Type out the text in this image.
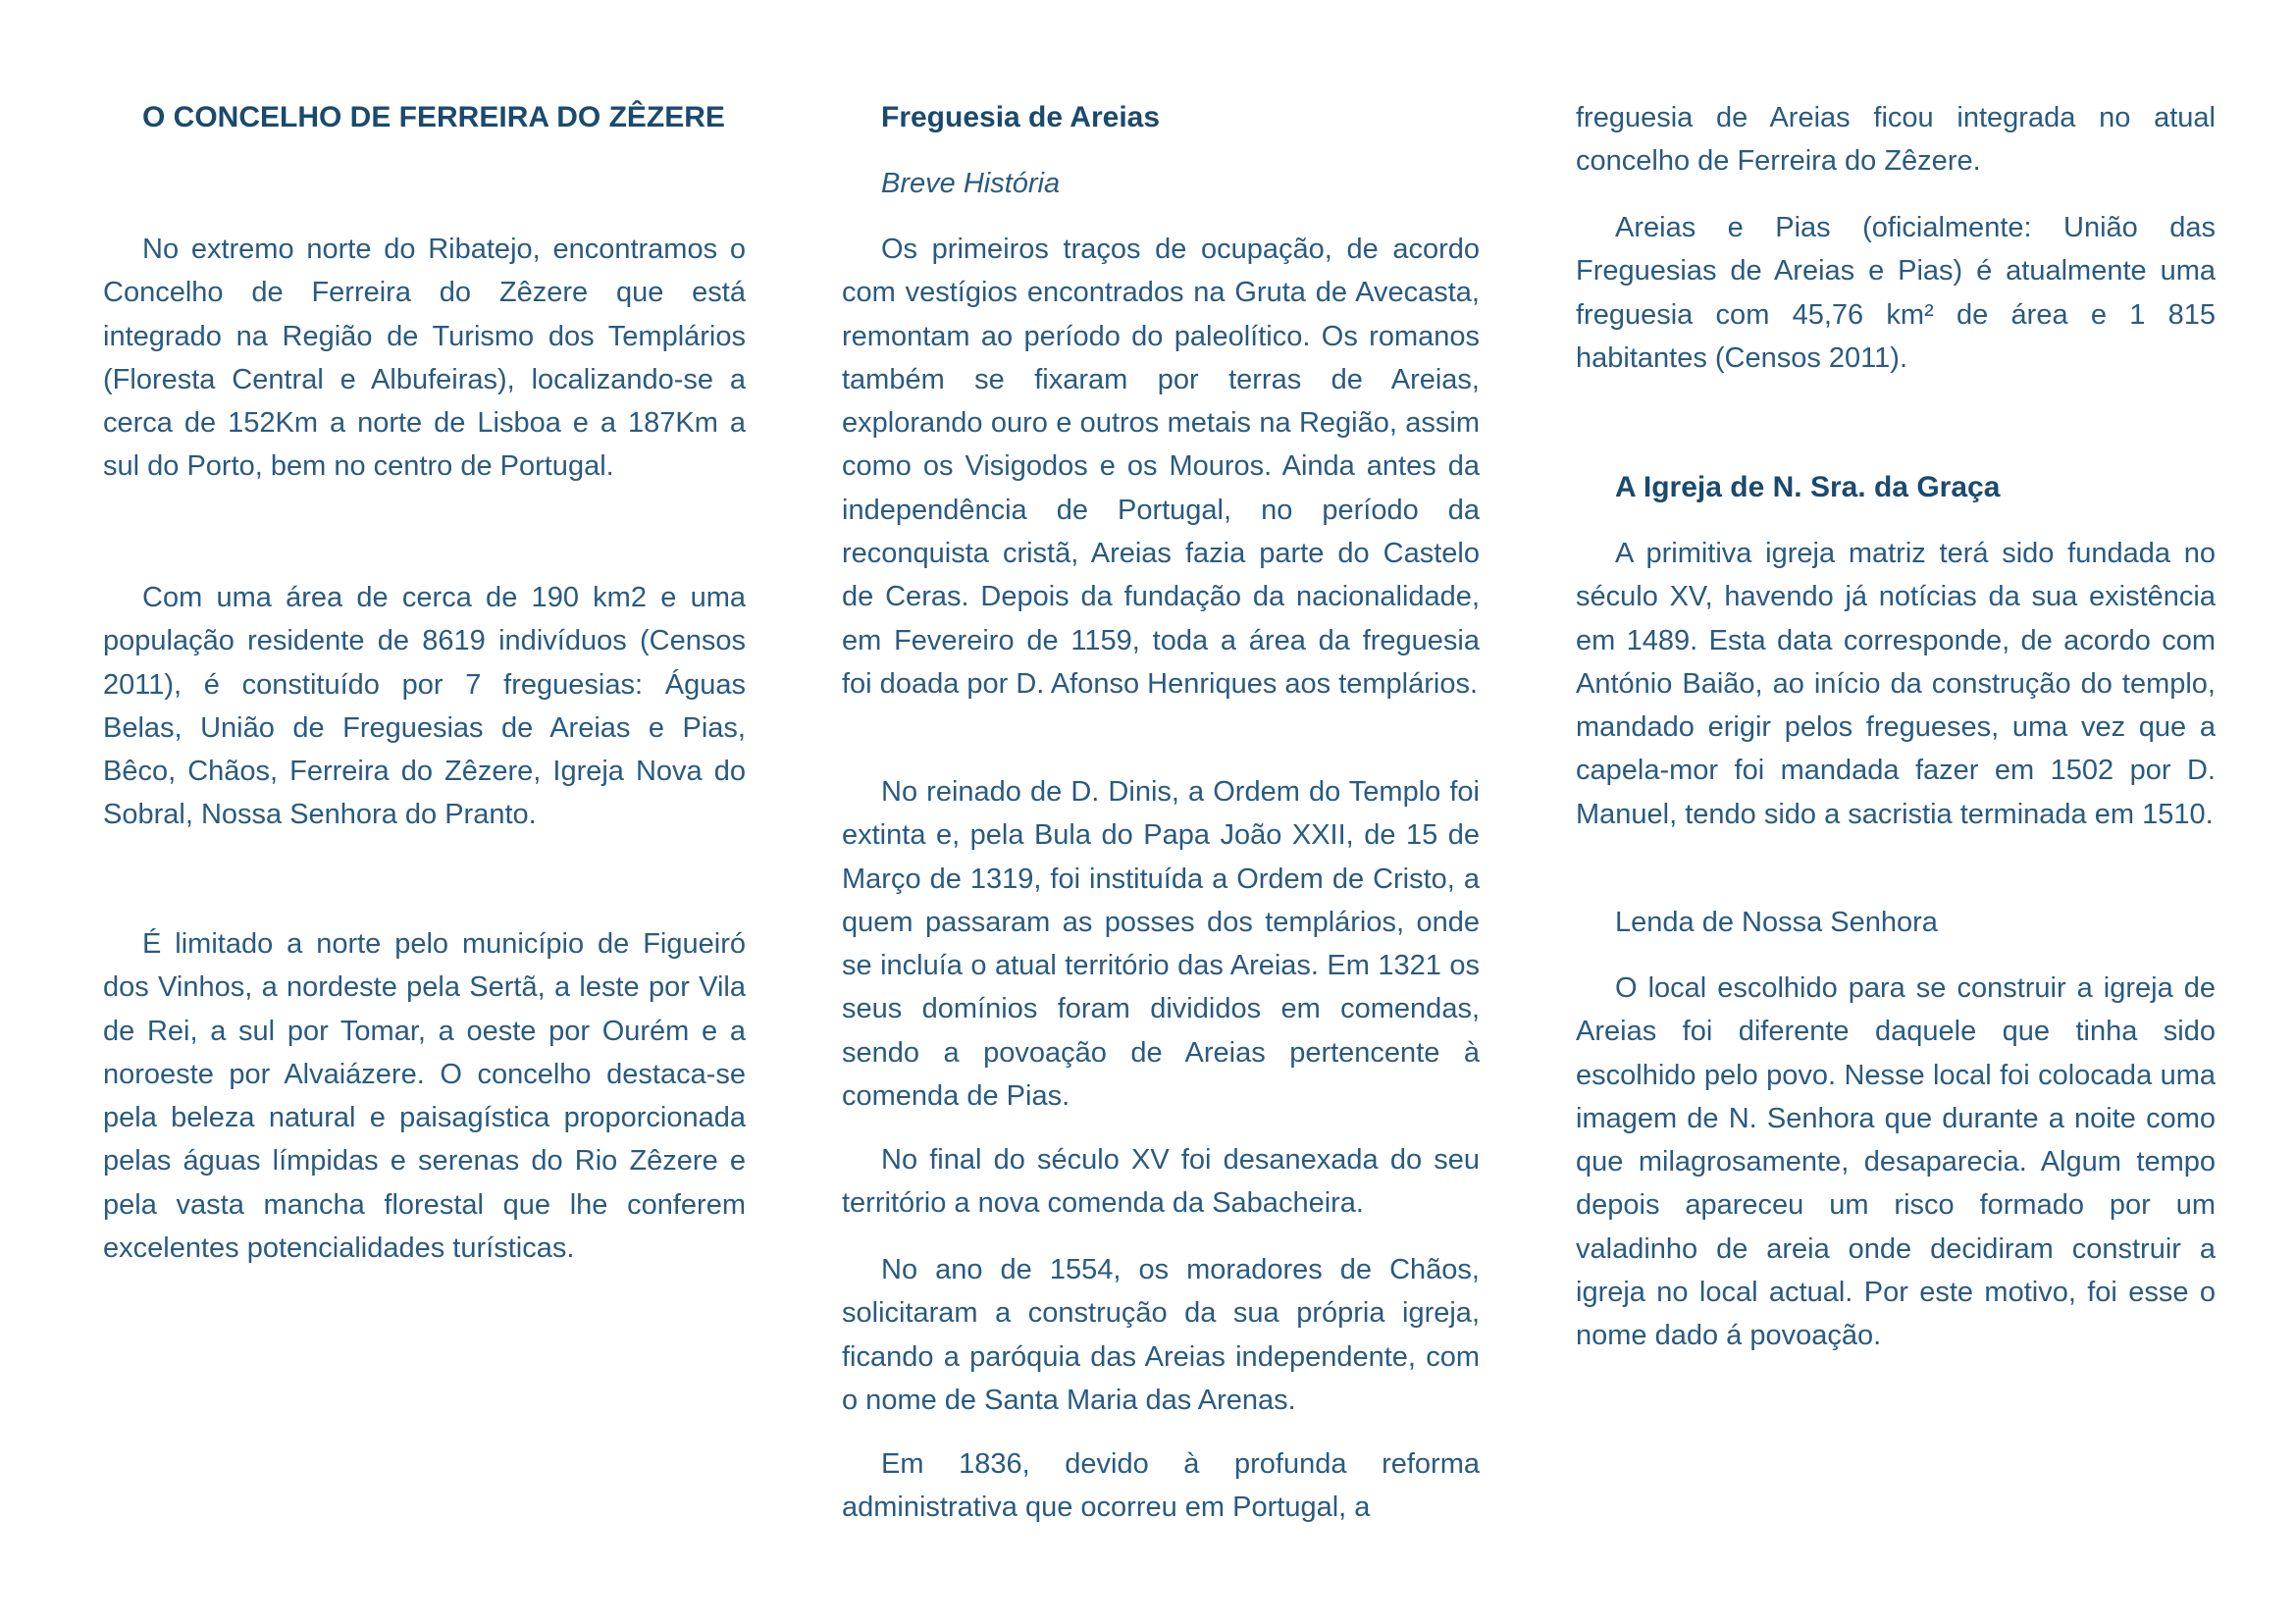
O CONCELHO DE FERREIRA DO ZÊZERE

No extremo norte do Ribatejo, encontramos o Concelho de Ferreira do Zêzere que está integrado na Região de Turismo dos Templários (Floresta Central e Albufeiras), localizando-se a cerca de 152Km a norte de Lisboa e a 187Km a sul do Porto, bem no centro de Portugal.

Com uma área de cerca de 190 km2 e uma população residente de 8619 indivíduos (Censos 2011), é constituído por 7 freguesias: Águas Belas, União de Freguesias de Areias e Pias, Bêco, Chãos, Ferreira do Zêzere, Igreja Nova do Sobral, Nossa Senhora do Pranto.

É limitado a norte pelo município de Figueiró dos Vinhos, a nordeste pela Sertã, a leste por Vila de Rei, a sul por Tomar, a oeste por Ourém e a noroeste por Alvaiázere. O concelho destaca-se pela beleza natural e paisagística proporcionada pelas águas límpidas e serenas do Rio Zêzere e pela vasta mancha florestal que lhe conferem excelentes potencialidades turísticas.

Freguesia de Areias
Breve História

Os primeiros traços de ocupação, de acordo com vestígios encontrados na Gruta de Avecasta, remontam ao período do paleolítico. Os romanos também se fixaram por terras de Areias, explorando ouro e outros metais na Região, assim como os Visigodos e os Mouros. Ainda antes da independência de Portugal, no período da reconquista cristã, Areias fazia parte do Castelo de Ceras. Depois da fundação da nacionalidade, em Fevereiro de 1159, toda a área da freguesia foi doada por D. Afonso Henriques aos templários.

No reinado de D. Dinis, a Ordem do Templo foi extinta e, pela Bula do Papa João XXII, de 15 de Março de 1319, foi instituída a Ordem de Cristo, a quem passaram as posses dos templários, onde se incluía o atual território das Areias. Em 1321 os seus domínios foram divididos em comendas, sendo a povoação de Areias pertencente à comenda de Pias.

No final do século XV foi desanexada do seu território a nova comenda da Sabacheira.

No ano de 1554, os moradores de Chãos, solicitaram a construção da sua própria igreja, ficando a paróquia das Areias independente, com o nome de Santa Maria das Arenas.

Em 1836, devido à profunda reforma administrativa que ocorreu em Portugal, a

freguesia de Areias ficou integrada no atual concelho de Ferreira do Zêzere.

Areias e Pias (oficialmente: União das Freguesias de Areias e Pias) é atualmente uma freguesia com 45,76 km² de área e 1 815 habitantes (Censos 2011).

A Igreja de N. Sra. da Graça

A primitiva igreja matriz terá sido fundada no século XV, havendo já notícias da sua existência em 1489. Esta data corresponde, de acordo com António Baião, ao início da construção do templo, mandado erigir pelos fregueses, uma vez que a capela-mor foi mandada fazer em 1502 por D. Manuel, tendo sido a sacristia terminada em 1510.

Lenda de Nossa Senhora

O local escolhido para se construir a igreja de Areias foi diferente daquele que tinha sido escolhido pelo povo. Nesse local foi colocada uma imagem de N. Senhora que durante a noite como que milagrosamente, desaparecia. Algum tempo depois apareceu um risco formado por um valadinho de areia onde decidiram construir a igreja no local actual. Por este motivo, foi esse o nome dado á povoação.
